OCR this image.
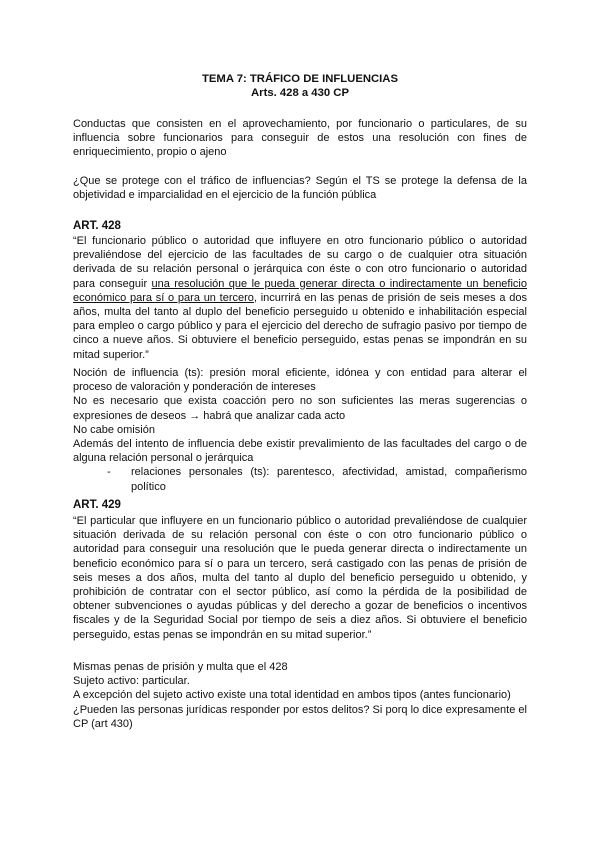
TEMA 7: TRÁFICO DE INFLUENCIAS
Arts. 428 a 430 CP
Conductas que consisten en el aprovechamiento, por funcionario o particulares, de su influencia sobre funcionarios para conseguir de estos una resolución con fines de enriquecimiento, propio o ajeno
¿Que se protege con el tráfico de influencias? Según el TS se protege la defensa de la objetividad e imparcialidad en el ejercicio de la función pública
ART. 428
“El funcionario público o autoridad que influyere en otro funcionario público o autoridad prevaliéndose del ejercicio de las facultades de su cargo o de cualquier otra situación derivada de su relación personal o jerárquica con éste o con otro funcionario o autoridad para conseguir una resolución que le pueda generar directa o indirectamente un beneficio económico para sí o para un tercero, incurrirá en las penas de prisión de seis meses a dos años, multa del tanto al duplo del beneficio perseguido u obtenido e inhabilitación especial para empleo o cargo público y para el ejercicio del derecho de sufragio pasivo por tiempo de cinco a nueve años. Si obtuviere el beneficio perseguido, estas penas se impondrán en su mitad superior.”

Noción de influencia (ts): presión moral eficiente, idónea y con entidad para alterar el proceso de valoración y ponderación de intereses

No es necesario que exista coacción pero no son suficientes las meras sugerencias o expresiones de deseos → habrá que analizar cada acto

No cabe omisión

Además del intento de influencia debe existir prevalimiento de las facultades del cargo o de alguna relación personal o jerárquica

-	relaciones personales (ts): parentesco, afectividad, amistad, compañerismo político
ART. 429
“El particular que influyere en un funcionario público o autoridad prevaliéndose de cualquier situación derivada de su relación personal con éste o con otro funcionario público o autoridad para conseguir una resolución que le pueda generar directa o indirectamente un beneficio económico para sí o para un tercero, será castigado con las penas de prisión de seis meses a dos años, multa del tanto al duplo del beneficio perseguido u obtenido, y prohibición de contratar con el sector público, así como la pérdida de la posibilidad de obtener subvenciones o ayudas públicas y del derecho a gozar de beneficios o incentivos fiscales y de la Seguridad Social por tiempo de seis a diez años. Si obtuviere el beneficio perseguido, estas penas se impondrán en su mitad superior.”

Mismas penas de prisión y multa que el 428

Sujeto activo: particular.

A excepción del sujeto activo existe una total identidad en ambos tipos (antes funcionario)

¿Pueden las personas jurídicas responder por estos delitos? Si porq lo dice expresamente el CP (art 430)
